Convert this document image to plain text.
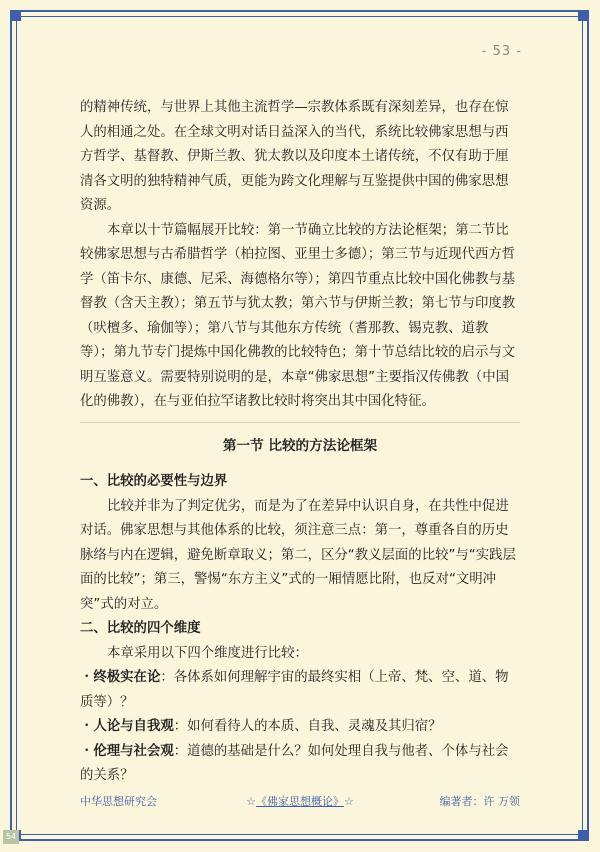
- 53 -

的精神传统，与世界上其他主流哲学—宗教体系既有深刻差异，也存在惊人的相通之处。在全球文明对话日益深入的当代，系统比较佛家思想与西方哲学、基督教、伊斯兰教、犹太教以及印度本土诸传统，不仅有助于厘清各文明的独特精神气质，更能为跨文化理解与互鉴提供中国的佛家思想资源。

本章以十节篇幅展开比较：第一节确立比较的方法论框架；第二节比较佛家思想与古希腊哲学（柏拉图、亚里士多德）；第三节与近现代西方哲学（笛卡尔、康德、尼采、海德格尔等）；第四节重点比较中国化佛教与基督教（含天主教）；第五节与犹太教；第六节与伊斯兰教；第七节与印度教（吠檀多、瑜伽等）；第八节与其他东方传统（耆那教、锡克教、道教等）；第九节专门提炼中国化佛教的比较特色；第十节总结比较的启示与文明互鉴意义。需要特别说明的是，本章“佛家思想”主要指汉传佛教（中国化的佛教），在与亚伯拉罕诸教比较时将突出其中国化特征。

第一节 比较的方法论框架

一、比较的必要性与边界

比较并非为了判定优劣，而是为了在差异中认识自身，在共性中促进对话。佛家思想与其他体系的比较，须注意三点：第一，尊重各自的历史脉络与内在逻辑，避免断章取义；第二，区分“教义层面的比较”与“实践层面的比较”；第三，警惕“东方主义”式的一厢情愿比附，也反对“文明冲突”式的对立。

二、比较的四个维度

本章采用以下四个维度进行比较：

・终极实在论：各体系如何理解宇宙的最终实相（上帝、梵、空、道、物质等）？

・人论与自我观：如何看待人的本质、自我、灵魂及其归宿？

・伦理与社会观：道德的基础是什么？如何处理自我与他者、个体与社会的关系？

中华思想研究会	☆《佛家思想概论》☆	编著者：许 万领
54
